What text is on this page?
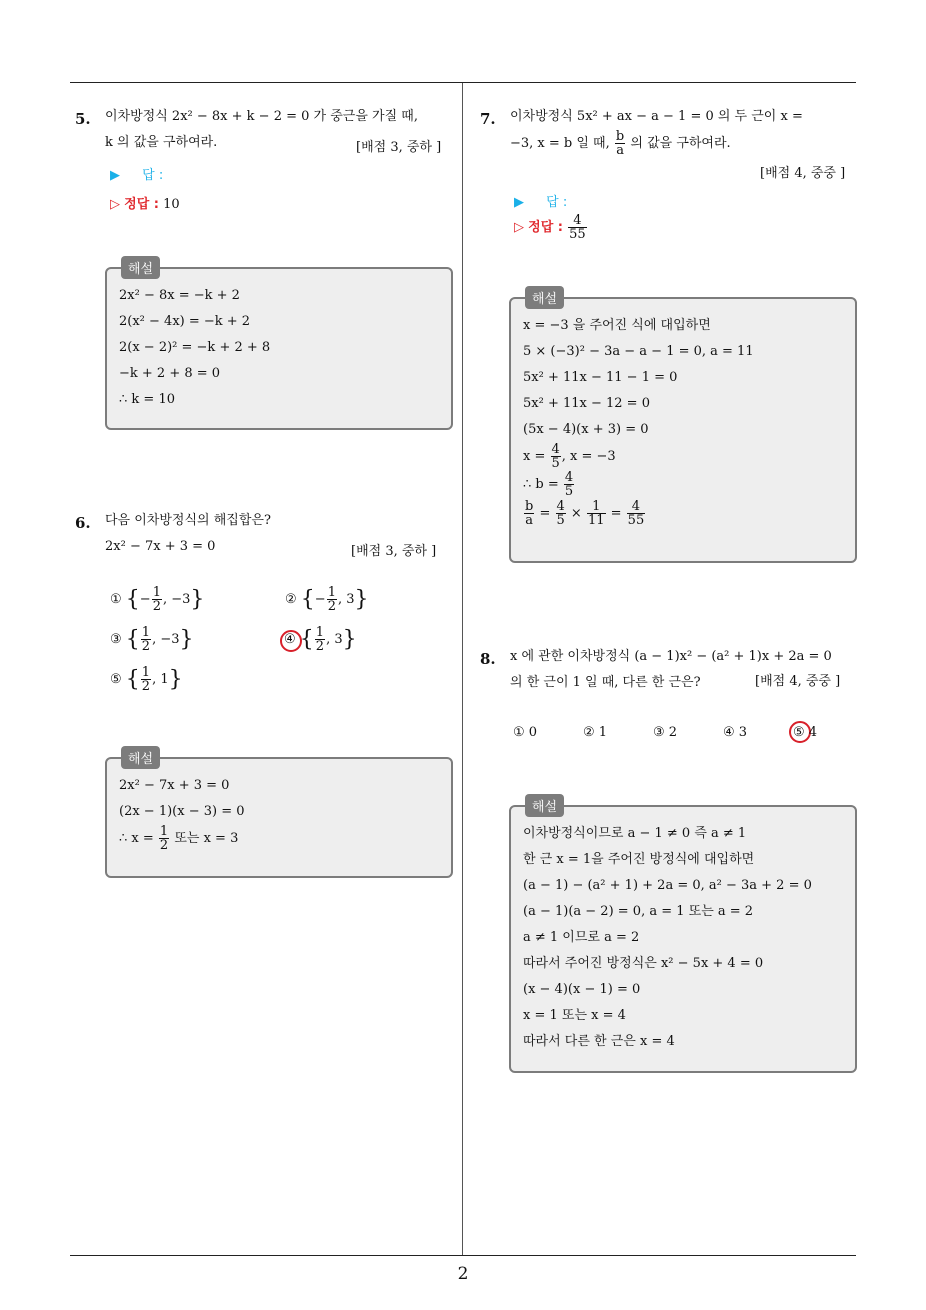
5. 이차방정식 2x² − 8x + k − 2 = 0 가 중근을 가질 때,
k 의 값을 구하여라.	[배점 3, 중하 ]
▶ 답 :
▷ 정답 : 10
해설
2x² − 8x = −k + 2
2(x² − 4x) = −k + 2
2(x − 2)² = −k + 2 + 8
−k + 2 + 8 = 0
∴ k = 10
6. 다음 이차방정식의 해집합은?
2x² − 7x + 3 = 0	[배점 3, 중하 ]
① {− $\frac{1}{2}$ , −3}	② {− $\frac{1}{2}$ , 3}
③ { $\frac{1}{2}$ , −3}	④ { $\frac{1}{2}$ , 3}
⑤ { $\frac{1}{2}$ , 1}
해설
2x² − 7x + 3 = 0
(2x − 1)(x − 3) = 0
∴ $x = \frac{1}{2}$ 또는 x = 3
7. 이차방정식 5x² + ax − a − 1 = 0 의 두 근이 x =
−3, x = b 일 때, $\frac{b}{a}$ 의 값을 구하여라.
[배점 4, 중중 ]
▶ 답 :
▷ 정답 : $\frac{4}{55}$
해설
x = −3 을 주어진 식에 대입하면
5 × (−3)² − 3a − a − 1 = 0, a = 11
5x² + 11x − 11 − 1 = 0
5x² + 11x − 12 = 0
(5x − 4)(x + 3) = 0
$x = \frac{4}{5}$ , x = −3
∴ $b = \frac{4}{5}$
$\frac{b}{a} = \frac{4}{5} \times \frac{1}{11} = \frac{4}{55}$
8. x 에 관한 이차방정식 (a − 1)x² − (a² + 1)x + 2a = 0
의 한 근이 1 일 때, 다른 한 근은?	[배점 4, 중중 ]
① 0	② 1	③ 2	④ 3	⑤ 4
해설
이차방정식이므로 a − 1 ≠ 0 즉 a ≠ 1
한 근 x = 1을 주어진 방정식에 대입하면
(a − 1) − (a² + 1) + 2a = 0, a² − 3a + 2 = 0
(a − 1)(a − 2) = 0, a = 1 또는 a = 2
a ≠ 1 이므로 a = 2
따라서 주어진 방정식은 x² − 5x + 4 = 0
(x − 4)(x − 1) = 0
x = 1 또는 x = 4
따라서 다른 한 근은 x = 4
2
